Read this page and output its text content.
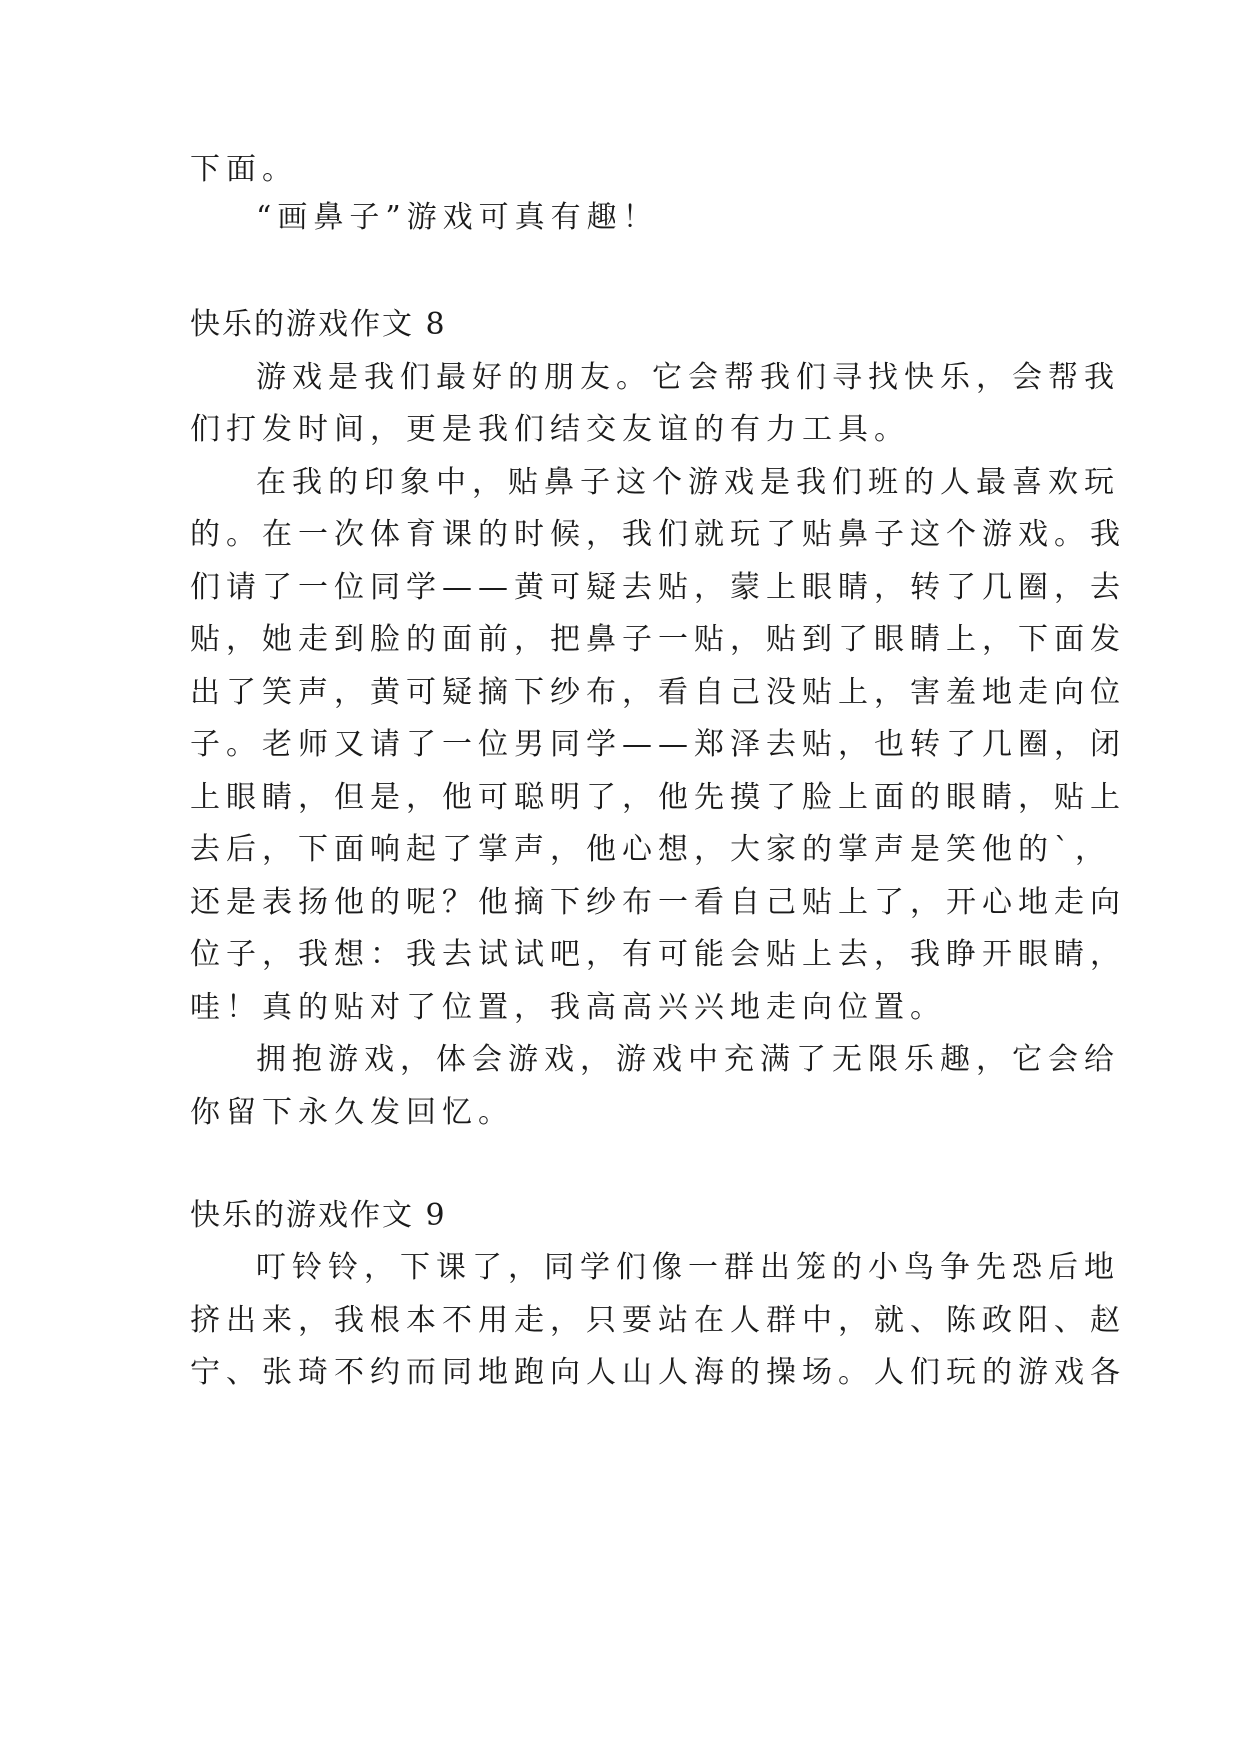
下面。
“画鼻子”游戏可真有趣！
快乐的游戏作文 8
游戏是我们最好的朋友。它会帮我们寻找快乐，会帮我
们打发时间，更是我们结交友谊的有力工具。
在我的印象中，贴鼻子这个游戏是我们班的人最喜欢玩
的。在一次体育课的时候，我们就玩了贴鼻子这个游戏。我
们请了一位同学——黄可疑去贴，蒙上眼睛，转了几圈，去
贴，她走到脸的面前，把鼻子一贴，贴到了眼睛上，下面发
出了笑声，黄可疑摘下纱布，看自己没贴上，害羞地走向位
子。老师又请了一位男同学——郑泽去贴，也转了几圈，闭
上眼睛，但是，他可聪明了，他先摸了脸上面的眼睛，贴上
去后，下面响起了掌声，他心想，大家的掌声是笑他的`，
还是表扬他的呢？他摘下纱布一看自己贴上了，开心地走向
位子，我想：我去试试吧，有可能会贴上去，我睁开眼睛，
哇！真的贴对了位置，我高高兴兴地走向位置。
拥抱游戏，体会游戏，游戏中充满了无限乐趣，它会给
你留下永久发回忆。
快乐的游戏作文 9
叮铃铃，下课了，同学们像一群出笼的小鸟争先恐后地
挤出来，我根本不用走，只要站在人群中，就、陈政阳、赵
宁、张琦不约而同地跑向人山人海的操场。人们玩的游戏各
